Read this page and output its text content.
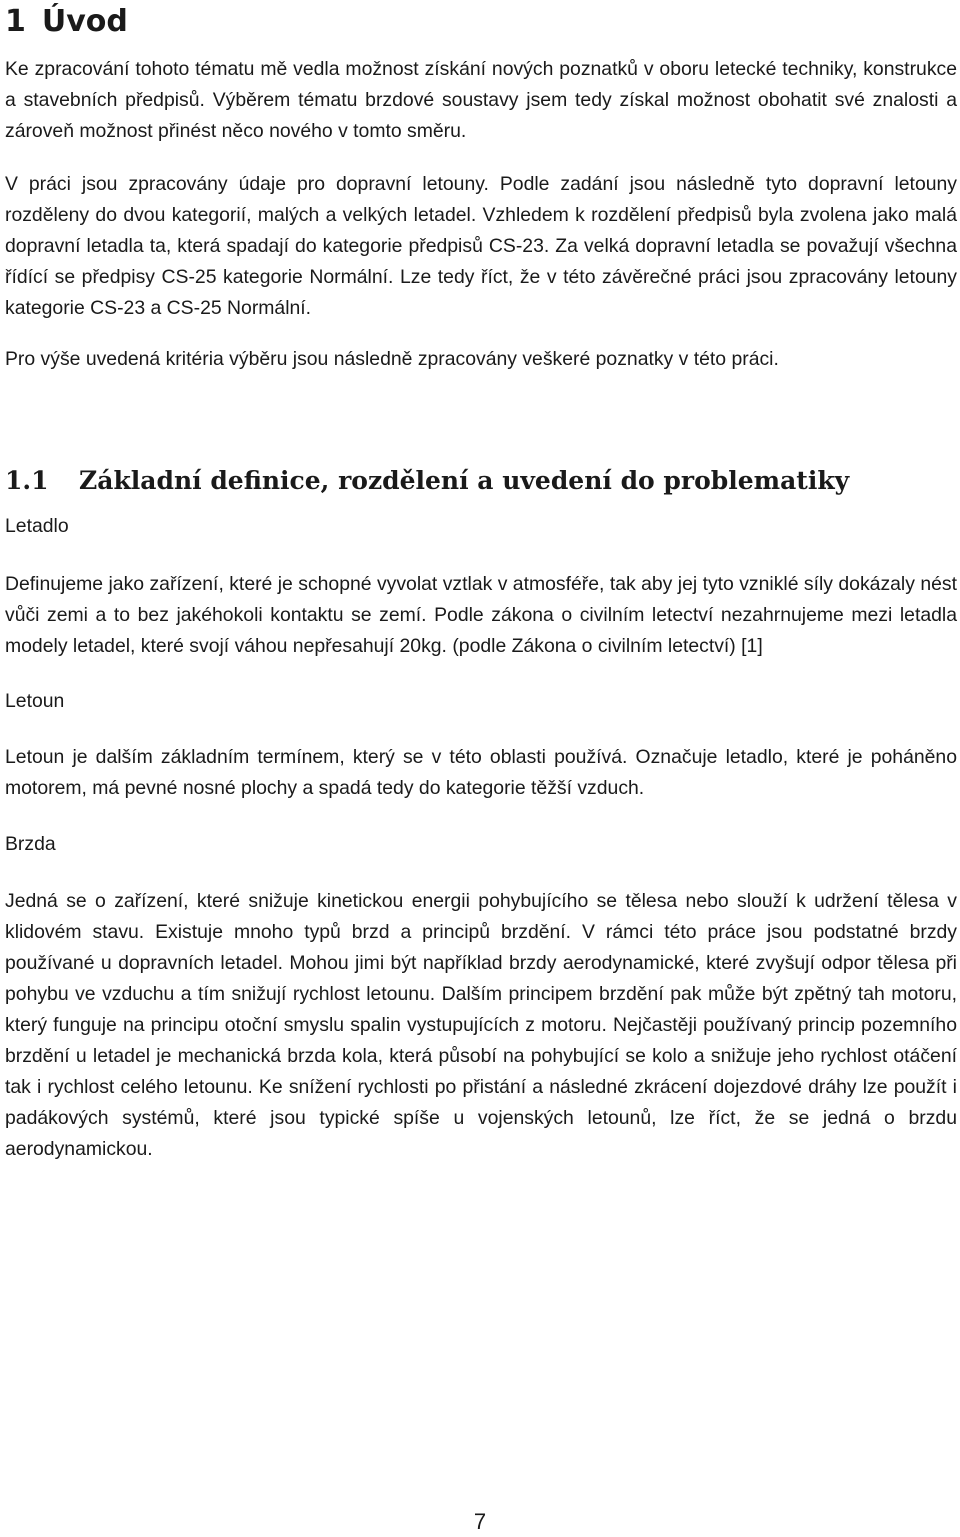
1 Úvod

Ke zpracování tohoto tématu mě vedla možnost získání nových poznatků v oboru letecké techniky, konstrukce a stavebních předpisů. Výběrem tématu brzdové soustavy jsem tedy získal možnost obohatit své znalosti a zároveň možnost přinést něco nového v tomto směru.

V práci jsou zpracovány údaje pro dopravní letouny. Podle zadání jsou následně tyto dopravní letouny rozděleny do dvou kategorií, malých a velkých letadel. Vzhledem k rozdělení předpisů byla zvolena jako malá dopravní letadla ta, která spadají do kategorie předpisů CS-23. Za velká dopravní letadla se považují všechna řídící se předpisy CS-25 kategorie Normální. Lze tedy říct, že v této závěrečné práci jsou zpracovány letouny kategorie CS-23 a CS-25 Normální.

Pro výše uvedená kritéria výběru jsou následně zpracovány veškeré poznatky v této práci.

1.1 Základní definice, rozdělení a uvedení do problematiky
Letadlo

Definujeme jako zařízení, které je schopné vyvolat vztlak v atmosféře, tak aby jej tyto vzniklé síly dokázaly nést vůči zemi a to bez jakéhokoli kontaktu se zemí. Podle zákona o civilním letectví nezahrnujeme mezi letadla modely letadel, které svojí váhou nepřesahují 20kg. (podle Zákona o civilním letectví) [1]

Letoun

Letoun je dalším základním termínem, který se v této oblasti používá. Označuje letadlo, které je poháněno motorem, má pevné nosné plochy a spadá tedy do kategorie těžší vzduch.

Brzda

Jedná se o zařízení, které snižuje kinetickou energii pohybujícího se tělesa nebo slouží k udržení tělesa v klidovém stavu. Existuje mnoho typů brzd a principů brzdění. V rámci této práce jsou podstatné brzdy používané u dopravních letadel. Mohou jimi být například brzdy aerodynamické, které zvyšují odpor tělesa při pohybu ve vzduchu a tím snižují rychlost letounu. Dalším principem brzdění pak může být zpětný tah motoru, který funguje na principu otoční smyslu spalin vystupujících z motoru. Nejčastěji používaný princip pozemního brzdění u letadel je mechanická brzda kola, která působí na pohybující se kolo a snižuje jeho rychlost otáčení tak i rychlost celého letounu. Ke snížení rychlosti po přistání a následné zkrácení dojezdové dráhy lze použít i padákových systémů, které jsou typické spíše u vojenských letounů, lze říct, že se jedná o brzdu aerodynamickou.

7
